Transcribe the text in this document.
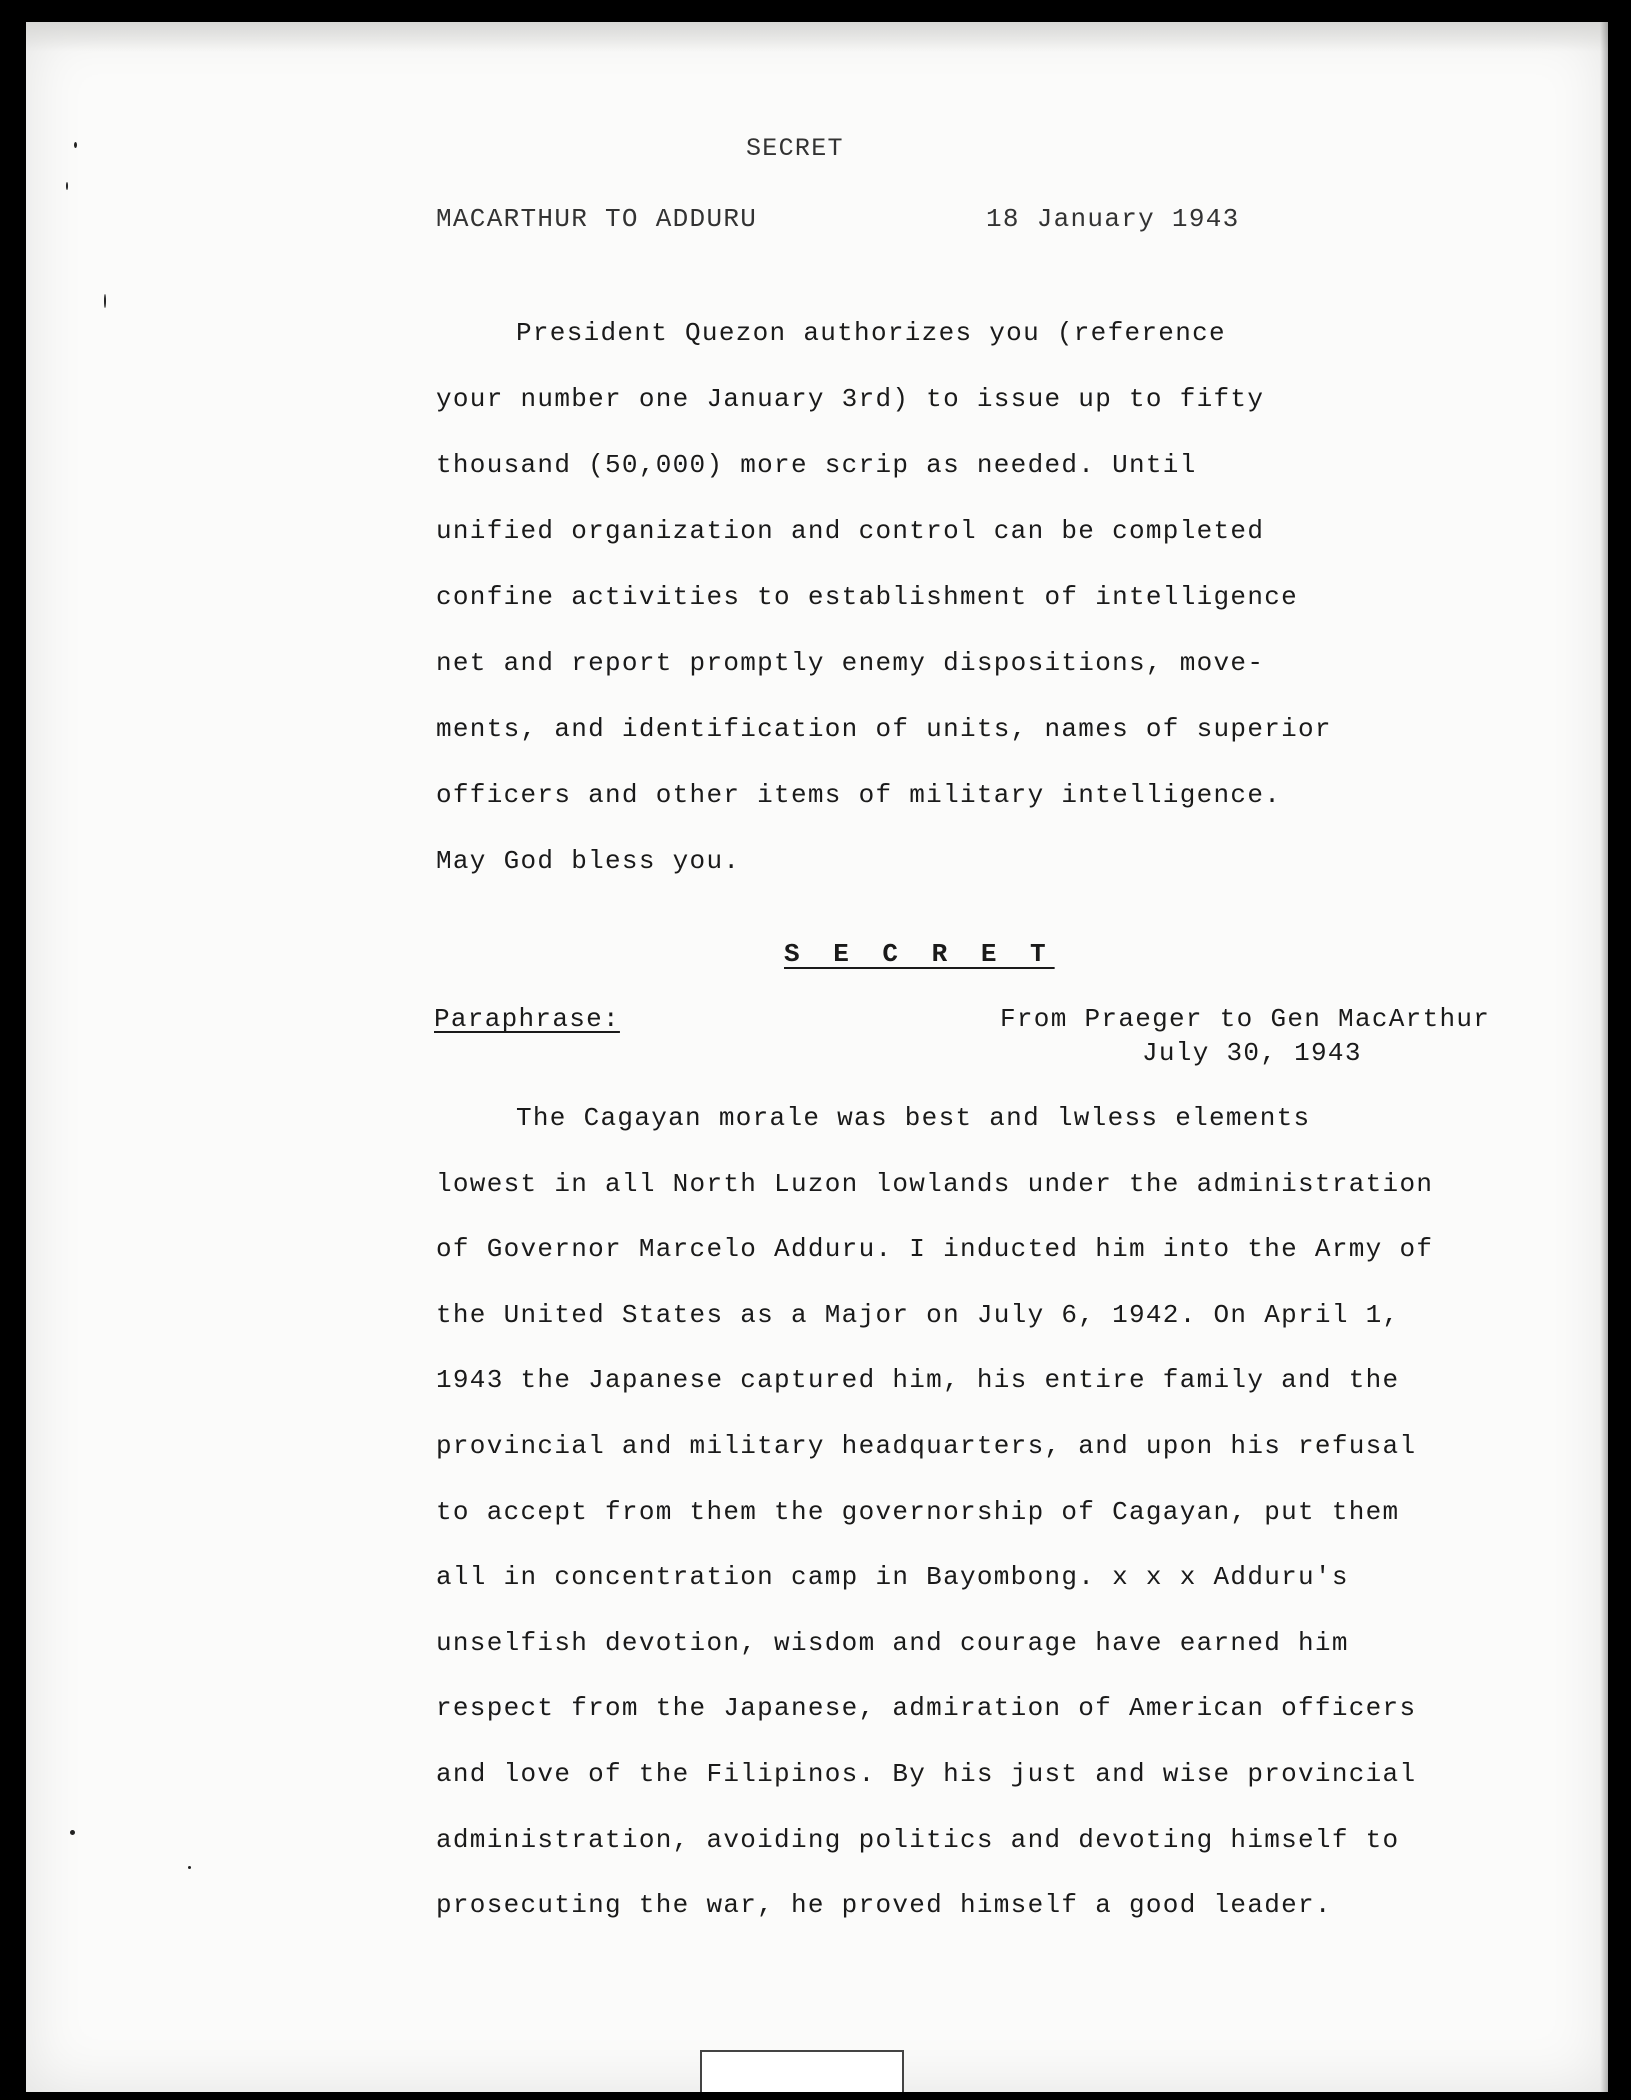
SECRET
MACARTHUR TO ADDURU	18 January 1943
President Quezon authorizes you (reference
your number one January 3rd) to issue up to fifty
thousand (50,000) more scrip as needed. Until
unified organization and control can be completed
confine activities to establishment of intelligence
net and report promptly enemy dispositions, move-
ments, and identification of units, names of superior
officers and other items of military intelligence.
May God bless you.
S E C R E T
Paraphrase:	From Praeger to Gen MacArthur
July 30, 1943
The Cagayan morale was best and lwless elements
lowest in all North Luzon lowlands under the administration
of Governor Marcelo Adduru. I inducted him into the Army of
the United States as a Major on July 6, 1942. On April 1,
1943 the Japanese captured him, his entire family and the
provincial and military headquarters, and upon his refusal
to accept from them the governorship of Cagayan, put them
all in concentration camp in Bayombong. x x x Adduru's
unselfish devotion, wisdom and courage have earned him
respect from the Japanese, admiration of American officers
and love of the Filipinos. By his just and wise provincial
administration, avoiding politics and devoting himself to
prosecuting the war, he proved himself a good leader.
